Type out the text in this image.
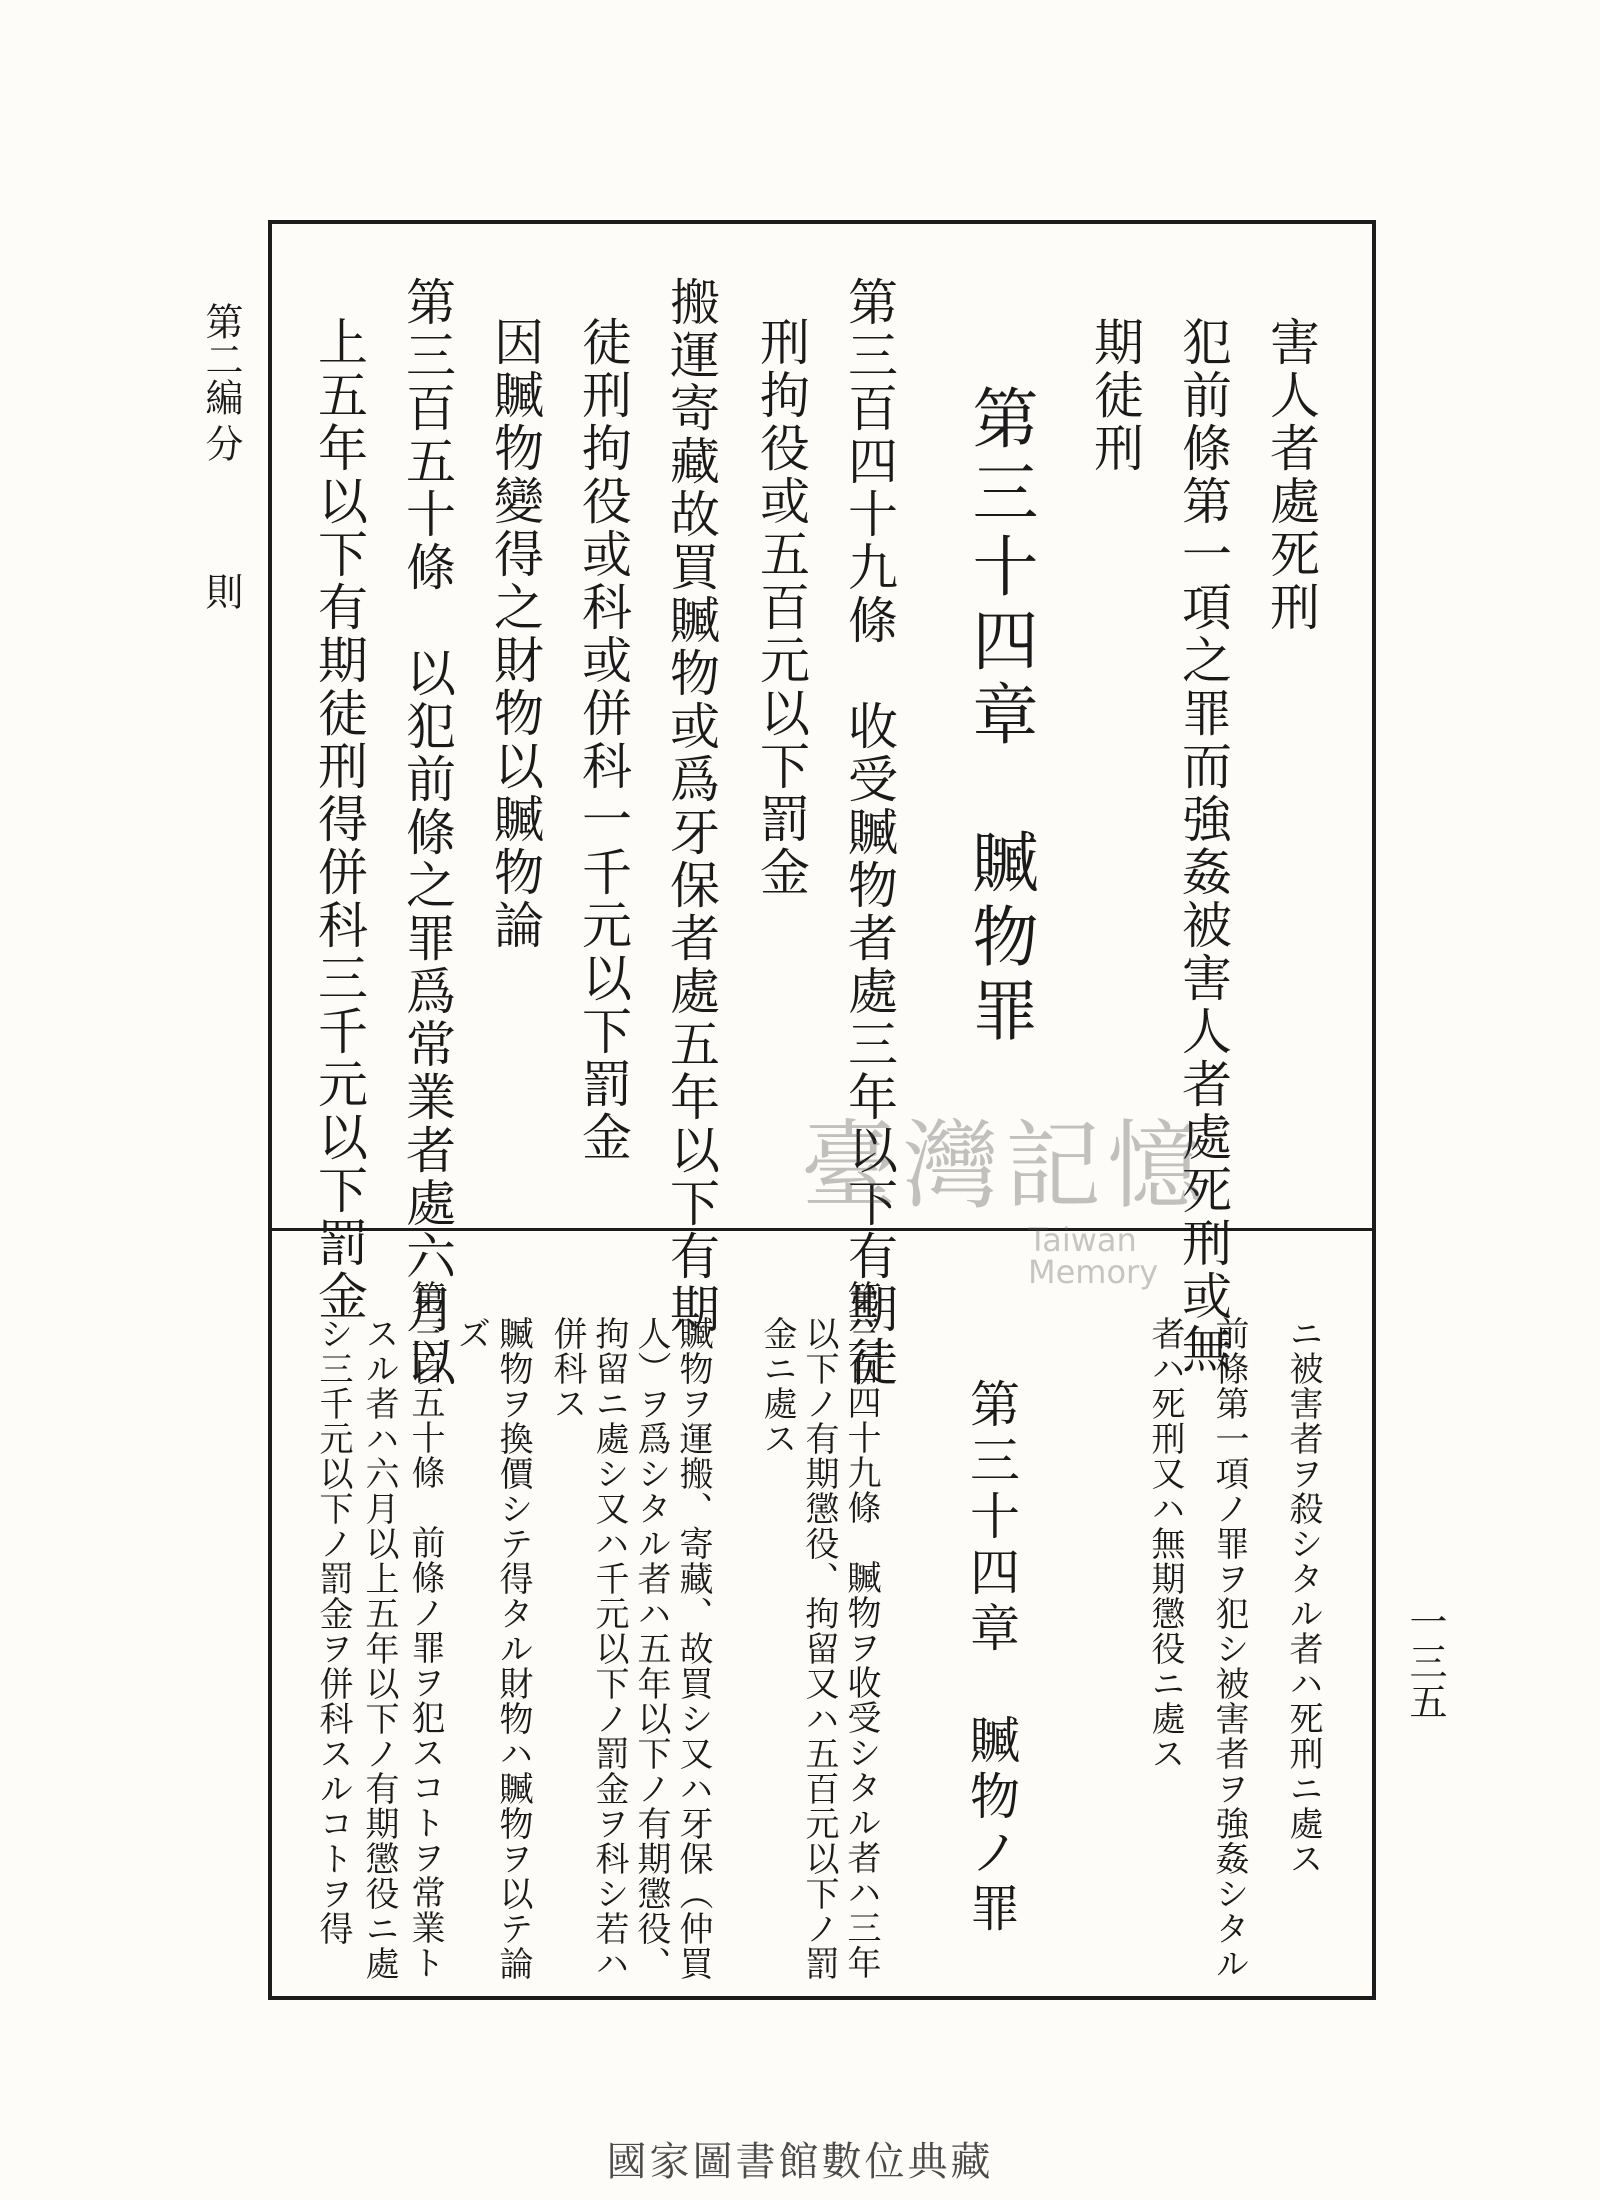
第二編
分
則
一三五
害人者處死刑
犯前條第一項之罪而強姦被害人者處死刑或無
期徒刑
第三十四章　贓物罪
第三百四十九條　收受贓物者處三年以下有期徒
刑拘役或五百元以下罰金
搬運寄藏故買贓物或爲牙保者處五年以下有期
徒刑拘役或科或併科一千元以下罰金
因贓物變得之財物以贓物論
第三百五十條　以犯前條之罪爲常業者處六月以
上五年以下有期徒刑得併科三千元以下罰金
ニ被害者ヲ殺シタル者ハ死刑ニ處ス
前條第一項ノ罪ヲ犯シ被害者ヲ強姦シタル
者ハ死刑又ハ無期懲役ニ處ス
第三十四章　贓物ノ罪
第三百四十九條　贓物ヲ收受シタル者ハ三年
以下ノ有期懲役、拘留又ハ五百元以下ノ罰
金ニ處ス
贓物ヲ運搬、寄藏、故買シ又ハ牙保（仲買
人）ヲ爲シタル者ハ五年以下ノ有期懲役、
拘留ニ處シ又ハ千元以下ノ罰金ヲ科シ若ハ
併科ス
贓物ヲ換價シテ得タル財物ハ贓物ヲ以テ論
ズ
第三百五十條　前條ノ罪ヲ犯スコトヲ常業ト
スル者ハ六月以上五年以下ノ有期懲役ニ處
シ三千元以下ノ罰金ヲ併科スルコトヲ得
臺灣記憶
Taiwan Memory
國家圖書館數位典藏
